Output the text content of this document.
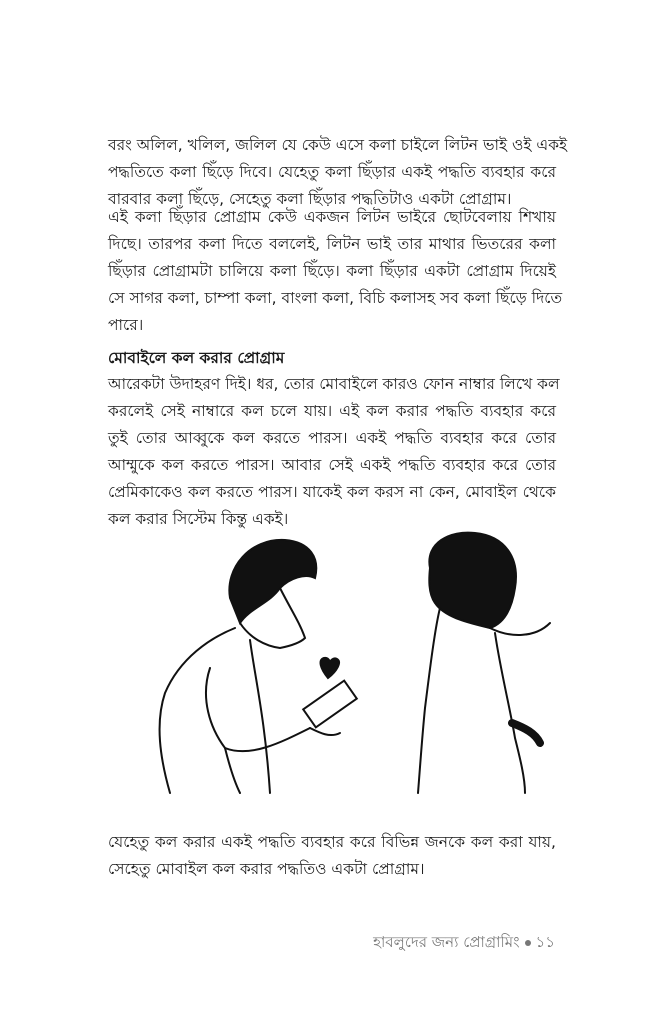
বরং অলিল, খলিল, জলিল যে কেউ এসে কলা চাইলে লিটন ভাই ওই একই
পদ্ধতিতে কলা ছিঁড়ে দিবে। যেহেতু কলা ছিঁড়ার একই পদ্ধতি ব্যবহার করে
বারবার কলা ছিঁড়ে, সেহেতু কলা ছিঁড়ার পদ্ধতিটাও একটা প্রোগ্রাম।
এই কলা ছিঁড়ার প্রোগ্রাম কেউ একজন লিটন ভাইরে ছোটবেলায় শিখায়
দিছে। তারপর কলা দিতে বললেই, লিটন ভাই তার মাথার ভিতরের কলা
ছিঁড়ার প্রোগ্রামটা চালিয়ে কলা ছিঁড়ে। কলা ছিঁড়ার একটা প্রোগ্রাম দিয়েই
সে সাগর কলা, চাম্পা কলা, বাংলা কলা, বিচি কলাসহ সব কলা ছিঁড়ে দিতে
পারে।
মোবাইলে কল করার প্রোগ্রাম
আরেকটা উদাহরণ দিই। ধর, তোর মোবাইলে কারও ফোন নাম্বার লিখে কল
করলেই সেই নাম্বারে কল চলে যায়। এই কল করার পদ্ধতি ব্যবহার করে
তুই তোর আব্বুকে কল করতে পারস। একই পদ্ধতি ব্যবহার করে তোর
আম্মুকে কল করতে পারস। আবার সেই একই পদ্ধতি ব্যবহার করে তোর
প্রেমিকাকেও কল করতে পারস। যাকেই কল করস না কেন, মোবাইল থেকে
কল করার সিস্টেম কিন্তু একই।
যেহেতু কল করার একই পদ্ধতি ব্যবহার করে বিভিন্ন জনকে কল করা যায়,
সেহেতু মোবাইল কল করার পদ্ধতিও একটা প্রোগ্রাম।
হাবলুদের জন্য প্রোগ্রামিং ১১
